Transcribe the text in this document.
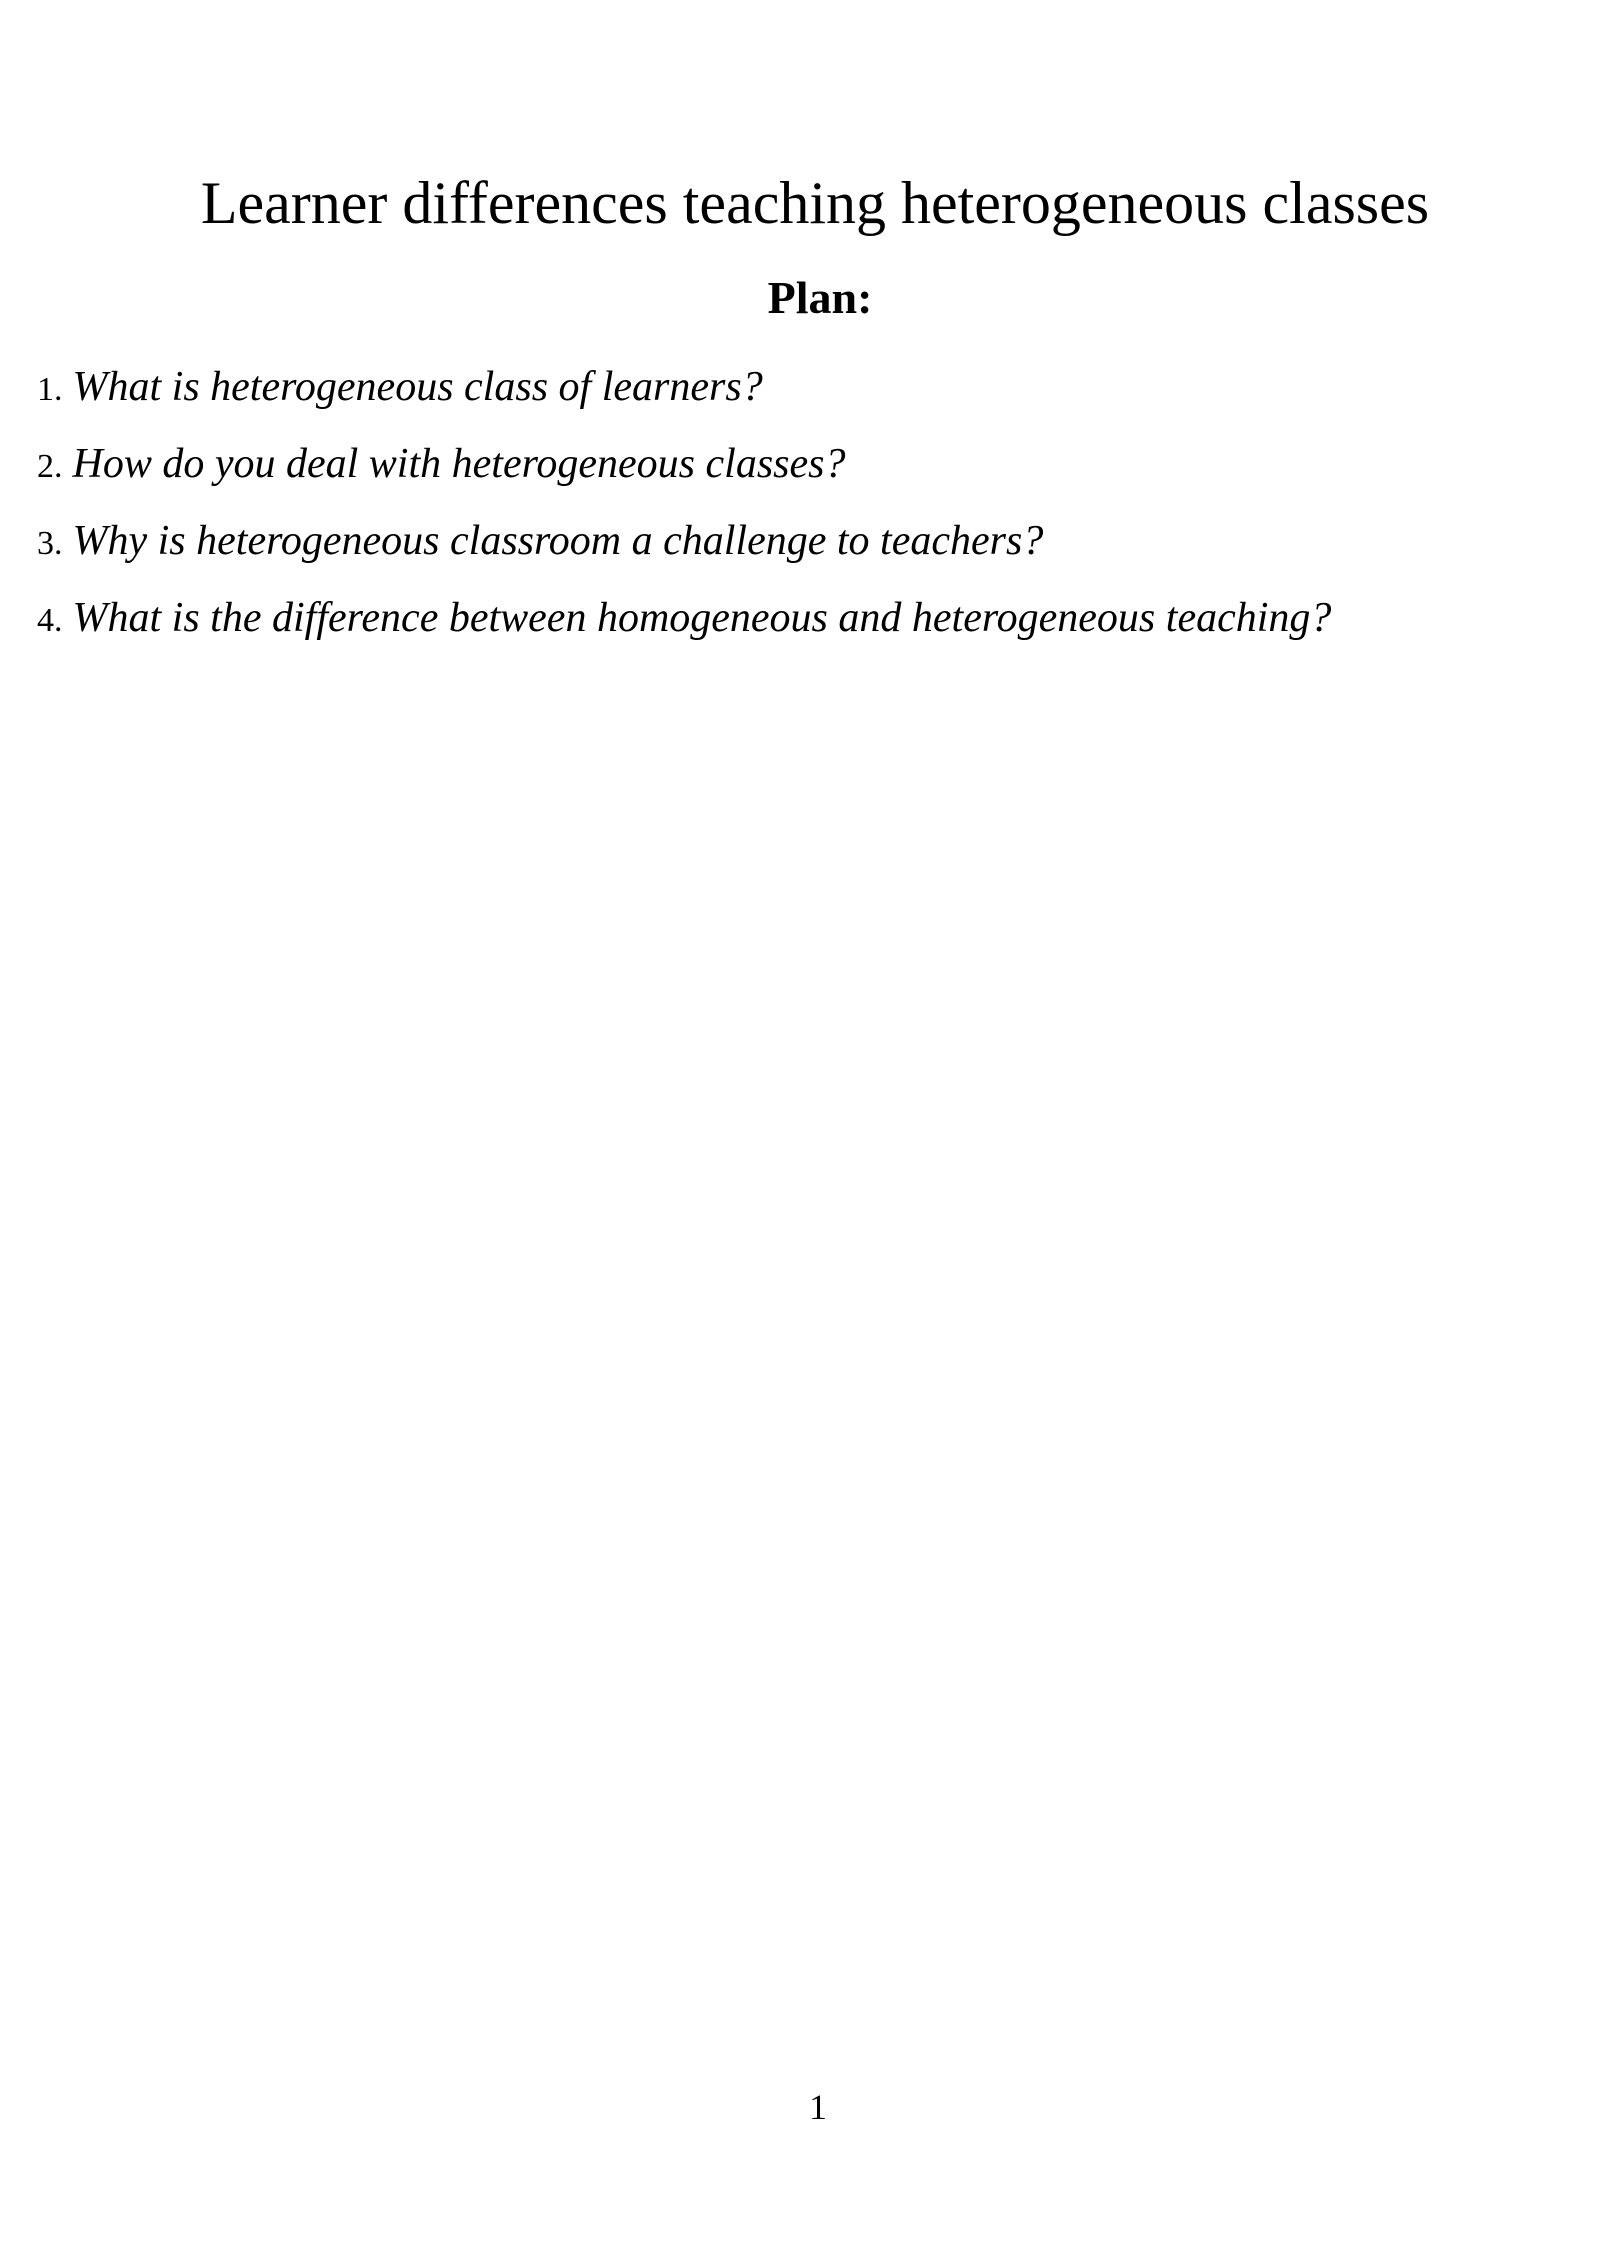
Learner differences teaching heterogeneous classes
Plan:
1. What is heterogeneous class of learners?
2. How do you deal with heterogeneous classes?
3. Why is heterogeneous classroom a challenge to teachers?
4. What is the difference between homogeneous and heterogeneous teaching?
1
